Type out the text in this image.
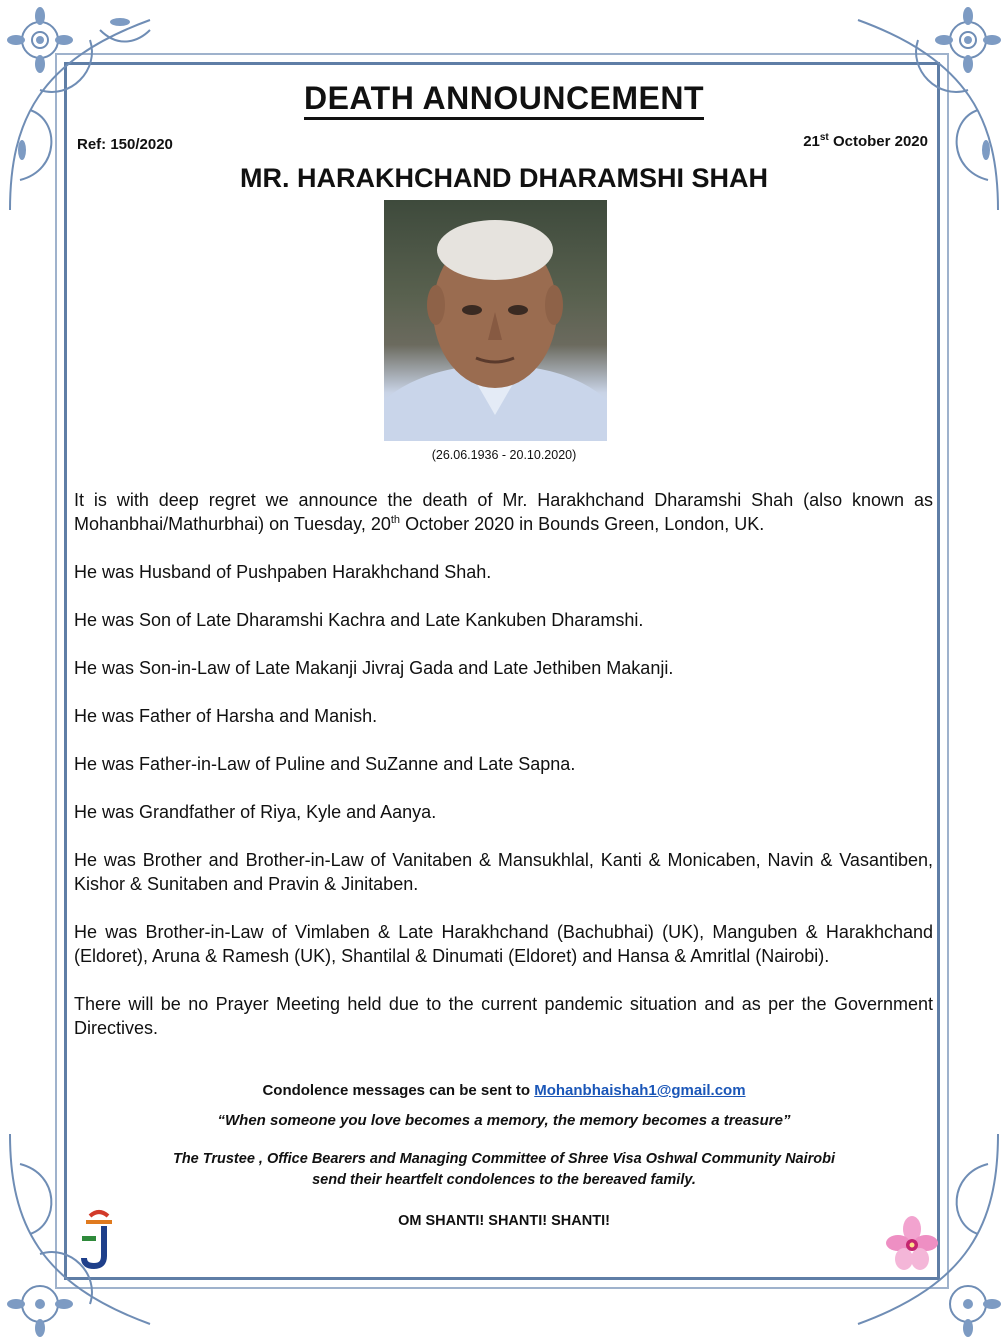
DEATH ANNOUNCEMENT
Ref: 150/2020	21st October 2020
MR. HARAKHCHAND DHARAMSHI SHAH
(26.06.1936 - 20.10.2020)

It is with deep regret we announce the death of Mr. Harakhchand Dharamshi Shah (also known as Mohanbhai/Mathurbhai) on Tuesday, 20th October 2020 in Bounds Green, London, UK.

He was Husband of Pushpaben Harakhchand Shah.

He was Son of Late Dharamshi Kachra and Late Kankuben Dharamshi.

He was Son-in-Law of Late Makanji Jivraj Gada and Late Jethiben Makanji.

He was Father of Harsha and Manish.

He was Father-in-Law of Puline and SuZanne and Late Sapna.

He was Grandfather of Riya, Kyle and Aanya.

He was Brother and Brother-in-Law of Vanitaben & Mansukhlal, Kanti & Monicaben, Navin & Vasantiben, Kishor & Sunitaben and Pravin & Jinitaben.

He was Brother-in-Law of Vimlaben & Late Harakhchand (Bachubhai) (UK), Manguben & Harakhchand (Eldoret), Aruna & Ramesh (UK), Shantilal & Dinumati (Eldoret) and Hansa & Amritlal (Nairobi).

There will be no Prayer Meeting held due to the current pandemic situation and as per the Government Directives.

Condolence messages can be sent to Mohanbhaishah1@gmail.com
“When someone you love becomes a memory, the memory becomes a treasure”
The Trustee , Office Bearers and Managing Committee of Shree Visa Oshwal Community Nairobi
send their heartfelt condolences to the bereaved family.
OM SHANTI! SHANTI! SHANTI!
